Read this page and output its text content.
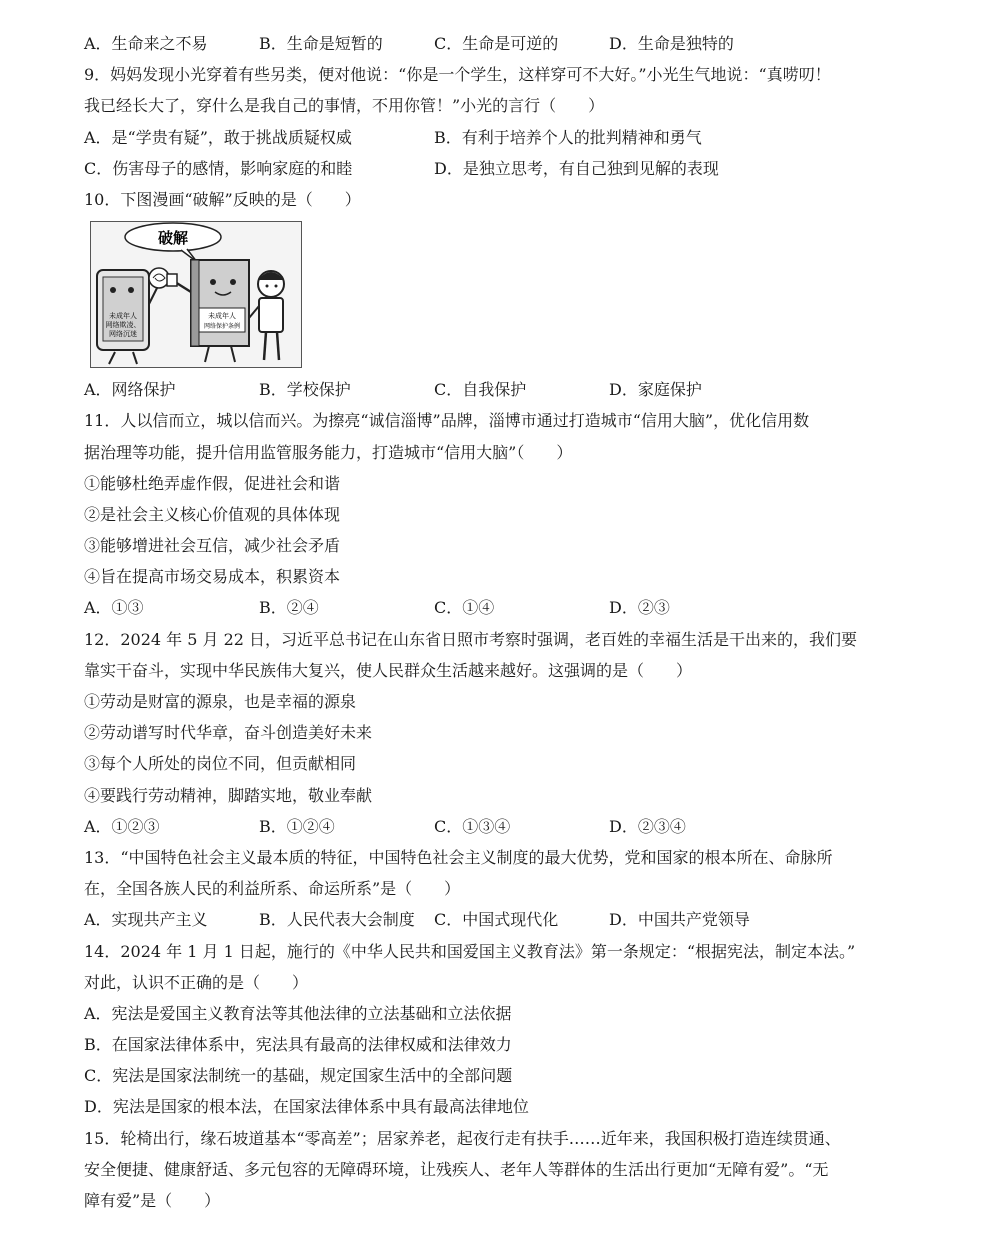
A．生命来之不易	B．生命是短暂的	C．生命是可逆的	D．生命是独特的
9．妈妈发现小光穿着有些另类，便对他说：“你是一个学生，这样穿可不大好。”小光生气地说：“真唠叨！
我已经长大了，穿什么是我自己的事情，不用你管！”小光的言行（　　）
A．是“学贵有疑”，敢于挑战质疑权威	B．有利于培养个人的批判精神和勇气
C．伤害母子的感情，影响家庭的和睦	D．是独立思考，有自己独到见解的表现
10．下图漫画“破解”反映的是（　　）
破解
未成年人
网络欺凌、
网络沉迷
未成年人
网络保护条例
A．网络保护	B．学校保护	C．自我保护	D．家庭保护
11．人以信而立，城以信而兴。为擦亮“诚信淄博”品牌，淄博市通过打造城市“信用大脑”，优化信用数
据治理等功能，提升信用监管服务能力，打造城市“信用大脑”（　　）
①能够杜绝弄虚作假，促进社会和谐
②是社会主义核心价值观的具体体现
③能够增进社会互信，减少社会矛盾
④旨在提高市场交易成本，积累资本
A．①③	B．②④	C．①④	D．②③
12．2024 年 5 月 22 日，习近平总书记在山东省日照市考察时强调，老百姓的幸福生活是干出来的，我们要
靠实干奋斗，实现中华民族伟大复兴，使人民群众生活越来越好。这强调的是（　　）
①劳动是财富的源泉，也是幸福的源泉
②劳动谱写时代华章，奋斗创造美好未来
③每个人所处的岗位不同，但贡献相同
④要践行劳动精神，脚踏实地，敬业奉献
A．①②③	B．①②④	C．①③④	D．②③④
13．“中国特色社会主义最本质的特征，中国特色社会主义制度的最大优势，党和国家的根本所在、命脉所
在，全国各族人民的利益所系、命运所系”是（　　）
A．实现共产主义	B．人民代表大会制度	C．中国式现代化	D．中国共产党领导
14．2024 年 1 月 1 日起，施行的《中华人民共和国爱国主义教育法》第一条规定：“根据宪法，制定本法。”
对此，认识不正确的是（　　）
A．宪法是爱国主义教育法等其他法律的立法基础和立法依据
B．在国家法律体系中，宪法具有最高的法律权威和法律效力
C．宪法是国家法制统一的基础，规定国家生活中的全部问题
D．宪法是国家的根本法，在国家法律体系中具有最高法律地位
15．轮椅出行，缘石坡道基本“零高差”；居家养老，起夜行走有扶手……近年来，我国积极打造连续贯通、
安全便捷、健康舒适、多元包容的无障碍环境，让残疾人、老年人等群体的生活出行更加“无障有爱”。“无
障有爱”是（　　）
